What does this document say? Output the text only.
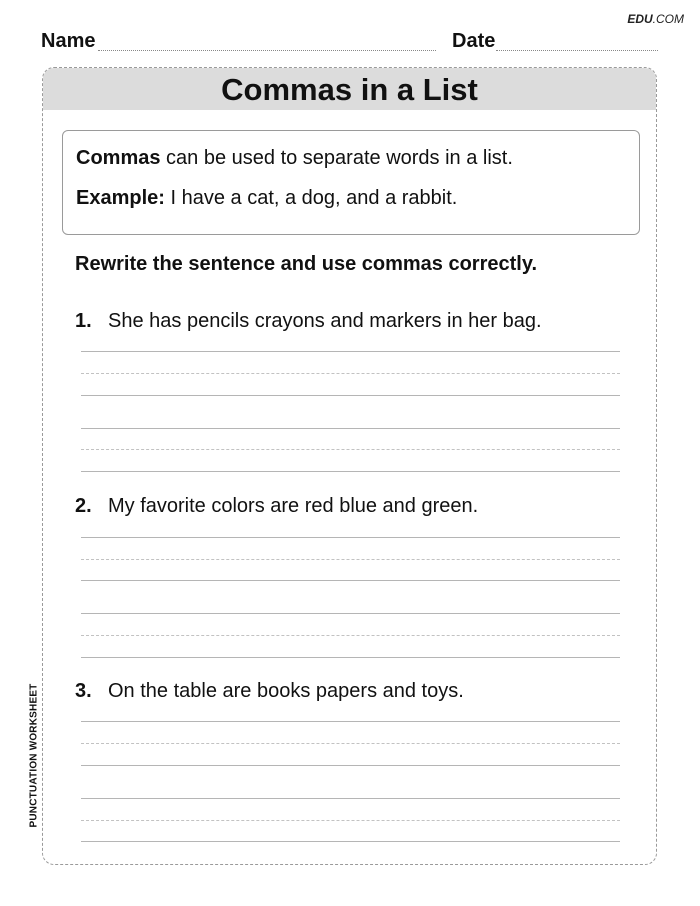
EDU.COM
Name	Date
PUNCTUATION WORKSHEET
Commas in a List
Commas can be used to separate words in a list.
Example: I have a cat, a dog, and a rabbit.
Rewrite the sentence and use commas correctly.
1. She has pencils crayons and markers in her bag.
2. My favorite colors are red blue and green.
3. On the table are books papers and toys.
